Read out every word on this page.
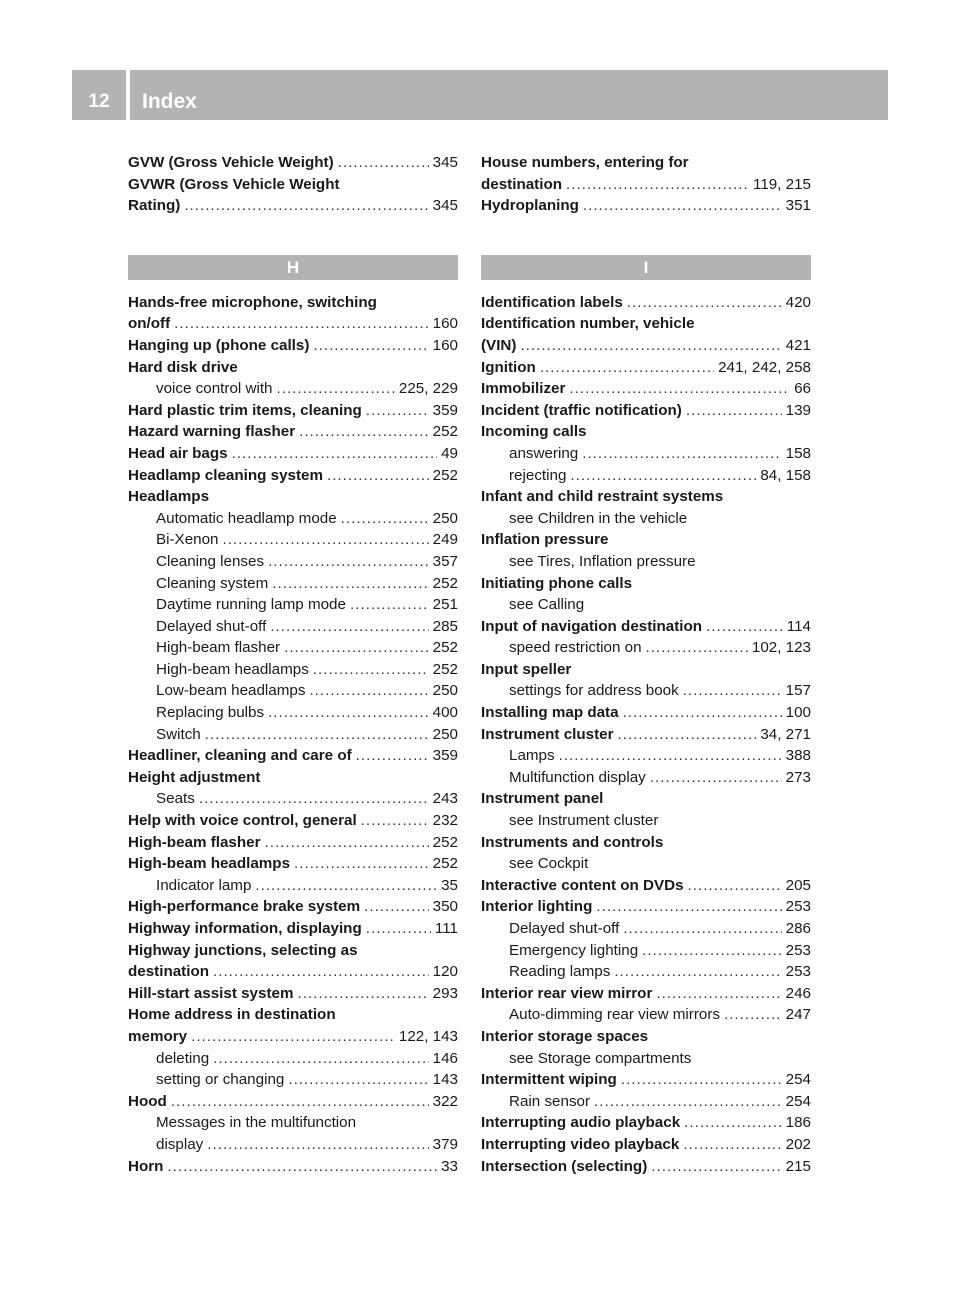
12	Index
GVW (Gross Vehicle Weight) .....	345
GVWR (Gross Vehicle Weight
Rating) .....	345
H
Hands-free microphone, switching
on/off .....	160
Hanging up (phone calls) .....	160
Hard disk drive
voice control with .....	225, 229
Hard plastic trim items, cleaning .....	359
Hazard warning flasher .....	252
Head air bags .....	49
Headlamp cleaning system .....	252
Headlamps
Automatic headlamp mode .....	250
Bi-Xenon .....	249
Cleaning lenses .....	357
Cleaning system .....	252
Daytime running lamp mode .....	251
Delayed shut-off .....	285
High-beam flasher .....	252
High-beam headlamps .....	252
Low-beam headlamps .....	250
Replacing bulbs .....	400
Switch .....	250
Headliner, cleaning and care of .....	359
Height adjustment
Seats .....	243
Help with voice control, general .....	232
High-beam flasher .....	252
High-beam headlamps .....	252
Indicator lamp .....	35
High-performance brake system .....	350
Highway information, displaying .....	111
Highway junctions, selecting as
destination .....	120
Hill-start assist system .....	293
Home address in destination
memory .....	122, 143
deleting .....	146
setting or changing .....	143
Hood .....	322
Messages in the multifunction
display .....	379
Horn .....	33
House numbers, entering for
destination .....	119, 215
Hydroplaning .....	351
I
Identification labels .....	420
Identification number, vehicle
(VIN) .....	421
Ignition .....	241, 242, 258
Immobilizer .....	66
Incident (traffic notification) .....	139
Incoming calls
answering .....	158
rejecting .....	84, 158
Infant and child restraint systems
see Children in the vehicle
Inflation pressure
see Tires, Inflation pressure
Initiating phone calls
see Calling
Input of navigation destination .....	114
speed restriction on .....	102, 123
Input speller
settings for address book .....	157
Installing map data .....	100
Instrument cluster .....	34, 271
Lamps .....	388
Multifunction display .....	273
Instrument panel
see Instrument cluster
Instruments and controls
see Cockpit
Interactive content on DVDs .....	205
Interior lighting .....	253
Delayed shut-off .....	286
Emergency lighting .....	253
Reading lamps .....	253
Interior rear view mirror .....	246
Auto-dimming rear view mirrors .....	247
Interior storage spaces
see Storage compartments
Intermittent wiping .....	254
Rain sensor .....	254
Interrupting audio playback .....	186
Interrupting video playback .....	202
Intersection (selecting) .....	215
